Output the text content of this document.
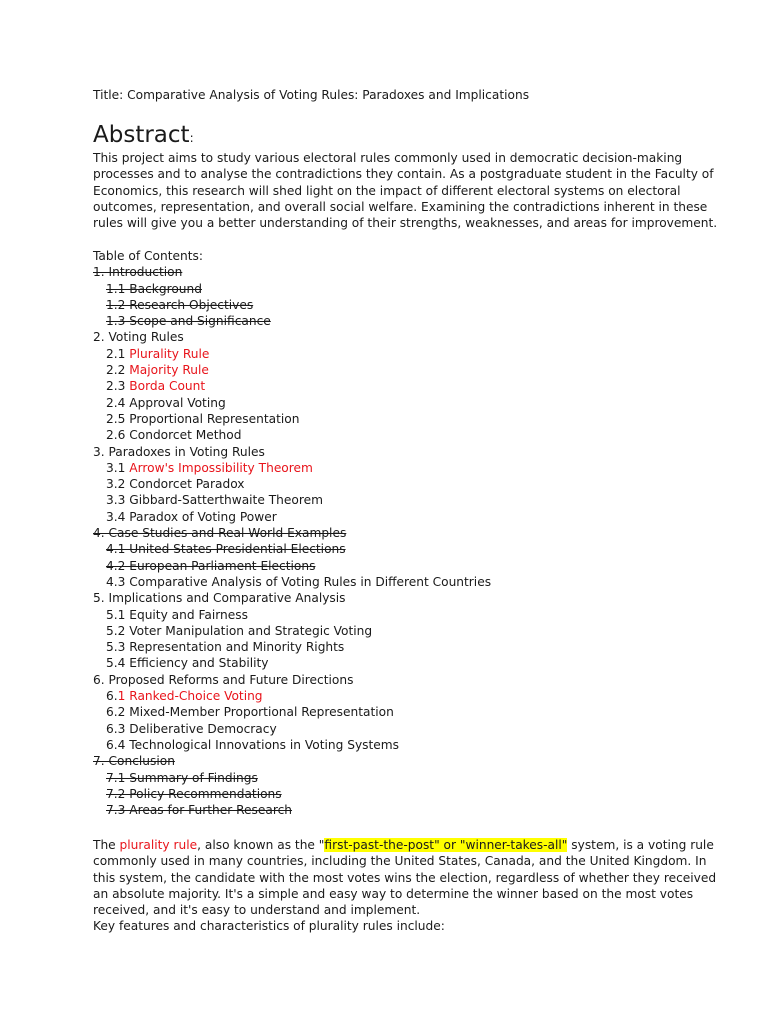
Title: Comparative Analysis of Voting Rules: Paradoxes and Implications
Abstract:
This project aims to study various electoral rules commonly used in democratic decision-making
processes and to analyse the contradictions they contain. As a postgraduate student in the Faculty of
Economics, this research will shed light on the impact of different electoral systems on electoral
outcomes, representation, and overall social welfare. Examining the contradictions inherent in these
rules will give you a better understanding of their strengths, weaknesses, and areas for improvement.
Table of Contents:
1. Introduction
1.1 Background
1.2 Research Objectives
1.3 Scope and Significance
2. Voting Rules
2.1 Plurality Rule
2.2 Majority Rule
2.3 Borda Count
2.4 Approval Voting
2.5 Proportional Representation
2.6 Condorcet Method
3. Paradoxes in Voting Rules
3.1 Arrow's Impossibility Theorem
3.2 Condorcet Paradox
3.3 Gibbard-Satterthwaite Theorem
3.4 Paradox of Voting Power
4. Case Studies and Real-World Examples
4.1 United States Presidential Elections
4.2 European Parliament Elections
4.3 Comparative Analysis of Voting Rules in Different Countries
5. Implications and Comparative Analysis
5.1 Equity and Fairness
5.2 Voter Manipulation and Strategic Voting
5.3 Representation and Minority Rights
5.4 Efficiency and Stability
6. Proposed Reforms and Future Directions
6.1 Ranked-Choice Voting
6.2 Mixed-Member Proportional Representation
6.3 Deliberative Democracy
6.4 Technological Innovations in Voting Systems
7. Conclusion
7.1 Summary of Findings
7.2 Policy Recommendations
7.3 Areas for Further Research
The plurality rule, also known as the "first-past-the-post" or "winner-takes-all" system, is a voting rule
commonly used in many countries, including the United States, Canada, and the United Kingdom. In
this system, the candidate with the most votes wins the election, regardless of whether they received
an absolute majority. It's a simple and easy way to determine the winner based on the most votes
received, and it's easy to understand and implement.
Key features and characteristics of plurality rules include:
